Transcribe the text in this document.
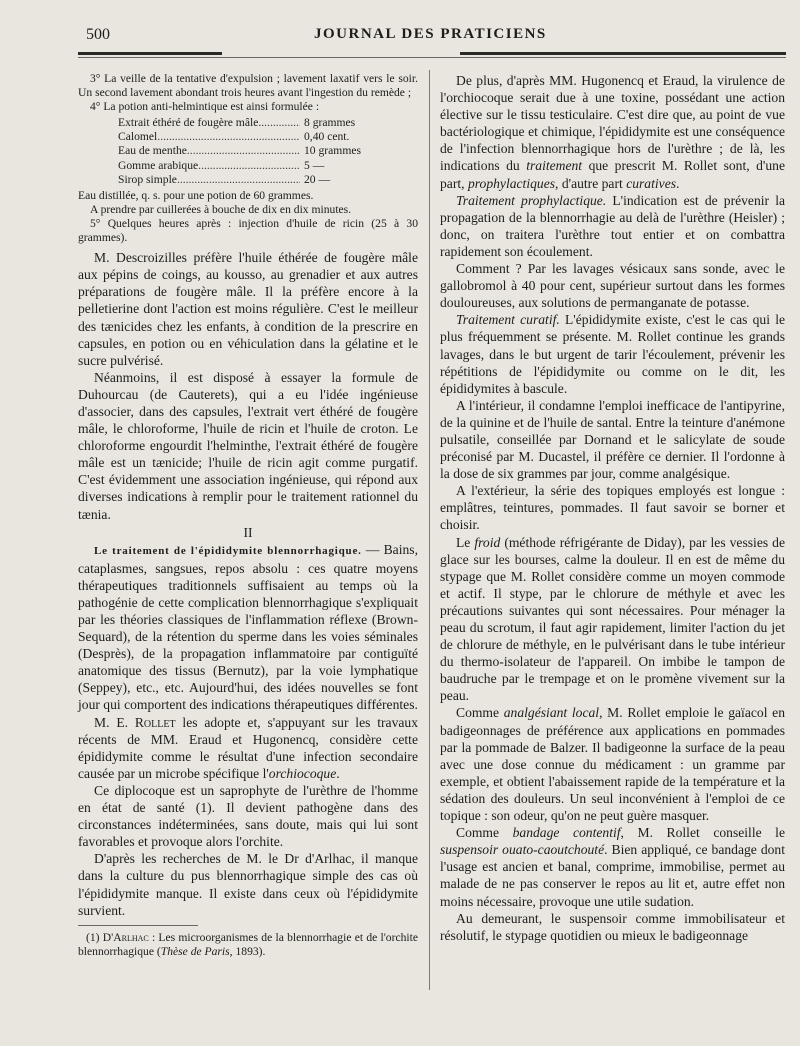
500	JOURNAL DES PRATICIENS

3° La veille de la tentative d'expulsion ; lavement laxatif vers le soir. Un second lavement abondant trois heures avant l'ingestion du remède ;

4° La potion anti-helmintique est ainsi formulée :

Extrait éthéré de fougère mâle.. .....	8 grammes
Calomel .....	0,40 cent.
Eau de menthe .....	10 grammes
Gomme arabique .....	5 —
Sirop simple .....	20 —

Eau distillée, q. s. pour une potion de 60 grammes.

A prendre par cuillerées à bouche de dix en dix minutes.

5° Quelques heures après : injection d'huile de ricin (25 à 30 grammes).

M. Descroizilles préfère l'huile éthérée de fougère mâle aux pépins de coings, au kousso, au grenadier et aux autres préparations de fougère mâle. Il la préfère encore à la pelletierine dont l'action est moins régulière. C'est le meilleur des tænicides chez les enfants, à condition de la prescrire en capsules, en potion ou en véhiculation dans la gélatine et le sucre pulvérisé.

Néanmoins, il est disposé à essayer la formule de Duhourcau (de Cauterets), qui a eu l'idée ingénieuse d'associer, dans des capsules, l'extrait vert éthéré de fougère mâle, le chloroforme, l'huile de ricin et l'huile de croton. Le chloroforme engourdit l'helminthe, l'extrait éthéré de fougère mâle est un tænicide; l'huile de ricin agit comme purgatif. C'est évidemment une association ingénieuse, qui répond aux diverses indications à remplir pour le traitement rationnel du tænia.

II

Le traitement de l'épididymite blennorrhagique. — Bains, cataplasmes, sangsues, repos absolu : ces quatre moyens thérapeutiques traditionnels suffisaient au temps où la pathogénie de cette complication blennorrhagique s'expliquait par les théories classiques de l'inflammation réflexe (Brown-Sequard), de la rétention du sperme dans les voies séminales (Desprès), de la propagation inflammatoire par contiguïté anatomique des tissus (Bernutz), par la voie lymphatique (Seppey), etc., etc. Aujourd'hui, des idées nouvelles se font jour qui comportent des indications thérapeutiques différentes.

M. E. Rollet les adopte et, s'appuyant sur les travaux récents de MM. Eraud et Hugonencq, considère cette épididymite comme le résultat d'une infection secondaire causée par un microbe spécifique l'orchiocoque.

Ce diplocoque est un saprophyte de l'urèthre de l'homme en état de santé (1). Il devient pathogène dans des circonstances indéterminées, sans doute, mais qui lui sont favorables et provoque alors l'orchite.

D'après les recherches de M. le Dr d'Arlhac, il manque dans la culture du pus blennorrhagique simple des cas où l'épididymite manque. Il existe dans ceux où l'épididymite survient.

(1) D'Arlhac : Les microorganismes de la blennorrhagie et de l'orchite blennorrhagique (Thèse de Paris, 1893).

De plus, d'après MM. Hugonencq et Eraud, la virulence de l'orchiocoque serait due à une toxine, possédant une action élective sur le tissu testiculaire. C'est dire que, au point de vue bactériologique et chimique, l'épididymite est une conséquence de l'infection blennorrhagique hors de l'urèthre ; de là, les indications du traitement que prescrit M. Rollet sont, d'une part, prophylactiques, d'autre part curatives.

Traitement prophylactique. L'indication est de prévenir la propagation de la blennorrhagie au delà de l'urèthre (Heisler) ; donc, on traitera l'urèthre tout entier et on combattra rapidement son écoulement.

Comment ? Par les lavages vésicaux sans sonde, avec le gallobromol à 40 pour cent, supérieur surtout dans les formes douloureuses, aux solutions de permanganate de potasse.

Traitement curatif. L'épididymite existe, c'est le cas qui le plus fréquemment se présente. M. Rollet continue les grands lavages, dans le but urgent de tarir l'écoulement, prévenir les répétitions de l'épididymite ou comme on le dit, les épididymites à bascule.

A l'intérieur, il condamne l'emploi inefficace de l'antipyrine, de la quinine et de l'huile de santal. Entre la teinture d'anémone pulsatile, conseillée par Dornand et le salicylate de soude préconisé par M. Ducastel, il préfère ce dernier. Il l'ordonne à la dose de six grammes par jour, comme analgésique.

A l'extérieur, la série des topiques employés est longue : emplâtres, teintures, pommades. Il faut savoir se borner et choisir.

Le froid (méthode réfrigérante de Diday), par les vessies de glace sur les bourses, calme la douleur. Il en est de même du stypage que M. Rollet considère comme un moyen commode et actif. Il stype, par le chlorure de méthyle et avec les précautions suivantes qui sont nécessaires. Pour ménager la peau du scrotum, il faut agir rapidement, limiter l'action du jet de chlorure de méthyle, en le pulvérisant dans le tube intérieur du thermo-isolateur de l'appareil. On imbibe le tampon de baudruche par le trempage et on le promène vivement sur la peau.

Comme analgésiant local, M. Rollet emploie le gaïacol en badigeonnages de préférence aux applications en pommades par la pommade de Balzer. Il badigeonne la surface de la peau avec une dose connue du médicament : un gramme par exemple, et obtient l'abaissement rapide de la température et la sédation des douleurs. Un seul inconvénient à l'emploi de ce topique : son odeur, qu'on ne peut guère masquer.

Comme bandage contentif, M. Rollet conseille le suspensoir ouato-caoutchouté. Bien appliqué, ce bandage dont l'usage est ancien et banal, comprime, immobilise, permet au malade de ne pas conserver le repos au lit et, autre effet non moins nécessaire, provoque une utile sudation.

Au demeurant, le suspensoir comme immobilisateur et résolutif, le stypage quotidien ou mieux le badigeonnage
